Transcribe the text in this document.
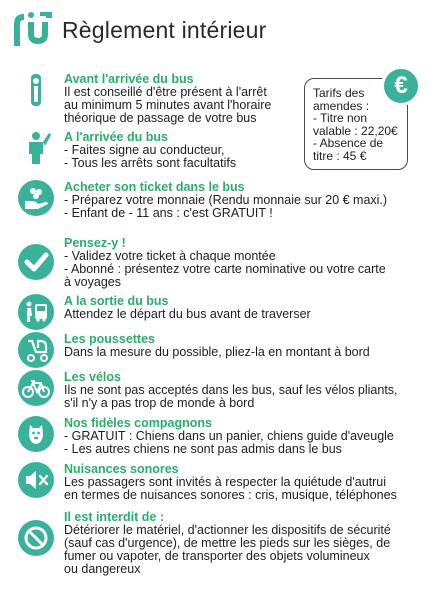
Règlement intérieur
Tarifs des
amendes :
- Titre non
valable : 22,20€
- Absence de
titre : 45 €
€
Avant l'arrivée du bus
Il est conseillé d'être présent à l'arrêt
au minimum 5 minutes avant l'horaire
théorique de passage de votre bus
A l'arrivée du bus
- Faites signe au conducteur,
- Tous les arrêts sont facultatifs
Acheter son ticket dans le bus
- Préparez votre monnaie (Rendu monnaie sur 20 € maxi.)
- Enfant de - 11 ans : c'est GRATUIT !
Pensez-y !
- Validez votre ticket à chaque montée
- Abonné : présentez votre carte nominative ou votre carte
à voyages
A la sortie du bus
Attendez le départ du bus avant de traverser
Les poussettes
Dans la mesure du possible, pliez-la en montant à bord
Les vélos
Ils ne sont pas acceptés dans les bus, sauf les vélos pliants,
s'il n'y a pas trop de monde à bord
Nos fidèles compagnons
- GRATUIT : Chiens dans un panier, chiens guide d'aveugle
- Les autres chiens ne sont pas admis dans le bus
Nuisances sonores
Les passagers sont invités à respecter la quiétude d'autrui
en termes de nuisances sonores : cris, musique, téléphones
Il est interdit de :
Détériorer le matériel, d'actionner les dispositifs de sécurité
(sauf cas d'urgence), de mettre les pieds sur les sièges, de
fumer ou vapoter, de transporter des objets volumineux
ou dangereux
